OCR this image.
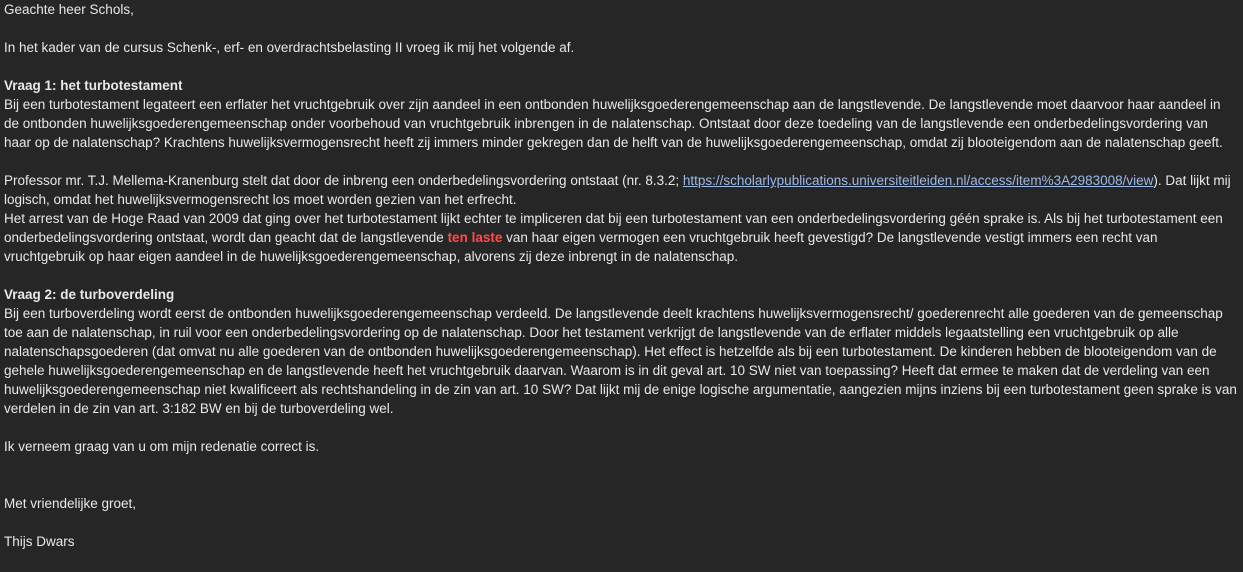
Geachte heer Schols,

In het kader van de cursus Schenk-, erf- en overdrachtsbelasting II vroeg ik mij het volgende af.

Vraag 1: het turbotestament

Bij een turbotestament legateert een erflater het vruchtgebruik over zijn aandeel in een ontbonden huwelijksgoederengemeenschap aan de langstlevende. De langstlevende moet daarvoor haar aandeel in de ontbonden huwelijksgoederengemeenschap onder voorbehoud van vruchtgebruik inbrengen in de nalatenschap. Ontstaat door deze toedeling van de langstlevende een onderbedelingsvordering van haar op de nalatenschap? Krachtens huwelijksvermogensrecht heeft zij immers minder gekregen dan de helft van de huwelijksgoederengemeenschap, omdat zij blooteigendom aan de nalatenschap geeft.

Professor mr. T.J. Mellema-Kranenburg stelt dat door de inbreng een onderbedelingsvordering ontstaat (nr. 8.3.2; https://scholarlypublications.universiteitleiden.nl/access/item%3A2983008/view). Dat lijkt mij logisch, omdat het huwelijksvermogensrecht los moet worden gezien van het erfrecht.

Het arrest van de Hoge Raad van 2009 dat ging over het turbotestament lijkt echter te impliceren dat bij een turbotestament van een onderbedelingsvordering géén sprake is. Als bij het turbotestament een onderbedelingsvordering ontstaat, wordt dan geacht dat de langstlevende ten laste van haar eigen vermogen een vruchtgebruik heeft gevestigd? De langstlevende vestigt immers een recht van vruchtgebruik op haar eigen aandeel in de huwelijksgoederengemeenschap, alvorens zij deze inbrengt in de nalatenschap.

Vraag 2: de turboverdeling

Bij een turboverdeling wordt eerst de ontbonden huwelijksgoederengemeenschap verdeeld. De langstlevende deelt krachtens huwelijksvermogensrecht/ goederenrecht alle goederen van de gemeenschap toe aan de nalatenschap, in ruil voor een onderbedelingsvordering op de nalatenschap. Door het testament verkrijgt de langstlevende van de erflater middels legaatstelling een vruchtgebruik op alle nalatenschapsgoederen (dat omvat nu alle goederen van de ontbonden huwelijksgoederengemeenschap). Het effect is hetzelfde als bij een turbotestament. De kinderen hebben de blooteigendom van de gehele huwelijksgoederengemeenschap en de langstlevende heeft het vruchtgebruik daarvan. Waarom is in dit geval art. 10 SW niet van toepassing? Heeft dat ermee te maken dat de verdeling van een huwelijksgoederengemeenschap niet kwalificeert als rechtshandeling in de zin van art. 10 SW? Dat lijkt mij de enige logische argumentatie, aangezien mijns inziens bij een turbotestament geen sprake is van verdelen in de zin van art. 3:182 BW en bij de turboverdeling wel.

Ik verneem graag van u om mijn redenatie correct is.

Met vriendelijke groet,

Thijs Dwars
